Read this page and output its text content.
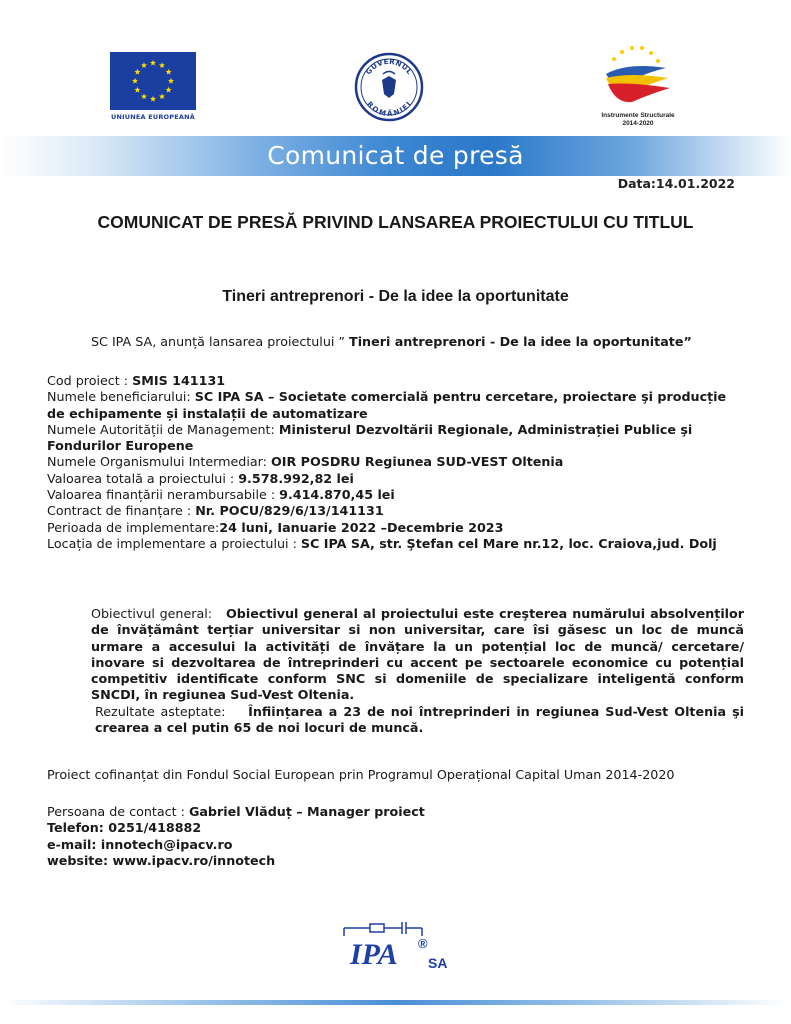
UNIUNEA EUROPEANĂ
GUVERNUL
ROMÂNIEI
Instrumente Structurale
2014-2020
Comunicat de presă
Data:14.01.2022
COMUNICAT DE PRESĂ PRIVIND LANSAREA PROIECTULUI CU TITLUL
Tineri antreprenori - De la idee la oportunitate
SC IPA SA, anunță lansarea proiectului ” Tineri antreprenori - De la idee la oportunitate”
Cod proiect : SMIS 141131
Numele beneficiarului: SC IPA SA – Societate comercială pentru cercetare, proiectare şi producție de echipamente și instalații de automatizare
Numele Autorității de Management: Ministerul Dezvoltării Regionale, Administrației Publice şi Fondurilor Europene
Numele Organismului Intermediar: OIR POSDRU Regiunea SUD-VEST Oltenia
Valoarea totală a proiectului : 9.578.992,82 lei
Valoarea finanțării nerambursabile : 9.414.870,45 lei
Contract de finanțare : Nr. POCU/829/6/13/141131
Perioada de implementare:24 luni, Ianuarie 2022 –Decembrie 2023
Locația de implementare a proiectului : SC IPA SA, str. Ştefan cel Mare nr.12, loc. Craiova,jud. Dolj

Obiectivul general: Obiectivul general al proiectului este creşterea numărului absolvenților de învățământ terțiar universitar si non universitar, care îsi găsesc un loc de muncă urmare a accesului la activități de învățare la un potențial loc de muncă/ cercetare/ inovare si dezvoltarea de întreprinderi cu accent pe sectoarele economice cu potențial competitiv identificate conform SNC si domeniile de specializare inteligentă conform SNCDI, în regiunea Sud-Vest Oltenia.

Rezultate asteptate: Înființarea a 23 de noi întreprinderi in regiunea Sud-Vest Oltenia şi crearea a cel putin 65 de noi locuri de muncă.

Proiect cofinanțat din Fondul Social European prin Programul Operațional Capital Uman 2014-2020
Persoana de contact : Gabriel Vlăduț – Manager proiect
Telefon: 0251/418882
e-mail: innotech@ipacv.ro
website: www.ipacv.ro/innotech
IPA ®
SA
